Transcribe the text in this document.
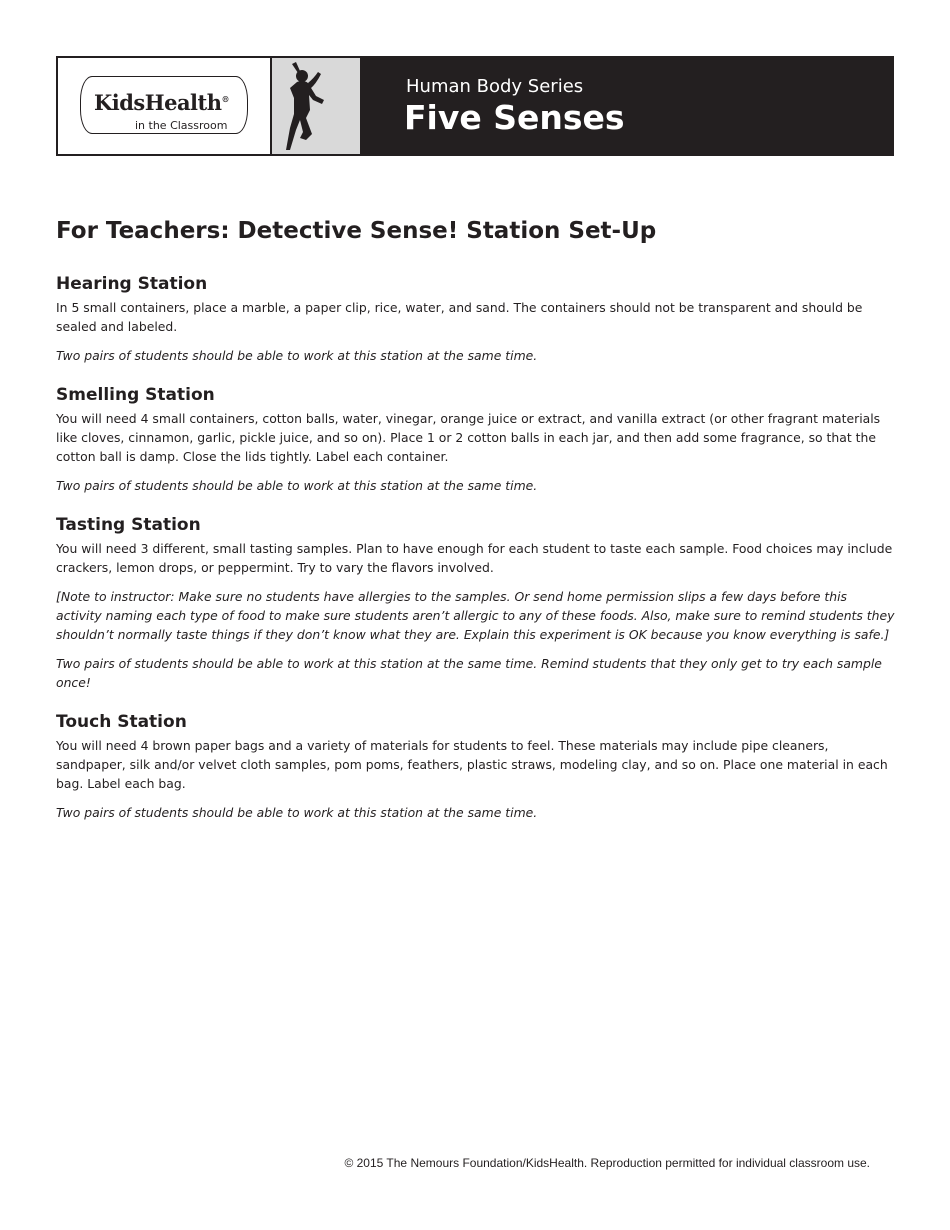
KidsHealth®
in the Classroom
Human Body Series
Five Senses
For Teachers: Detective Sense! Station Set-Up
Hearing Station

In 5 small containers, place a marble, a paper clip, rice, water, and sand. The containers should not be transparent and should be sealed and labeled.

Two pairs of students should be able to work at this station at the same time.

Smelling Station

You will need 4 small containers, cotton balls, water, vinegar, orange juice or extract, and vanilla extract (or other fragrant materials like cloves, cinnamon, garlic, pickle juice, and so on). Place 1 or 2 cotton balls in each jar, and then add some fragrance, so that the cotton ball is damp. Close the lids tightly. Label each container.

Two pairs of students should be able to work at this station at the same time.

Tasting Station

You will need 3 different, small tasting samples. Plan to have enough for each student to taste each sample. Food choices may include crackers, lemon drops, or peppermint. Try to vary the flavors involved.

[Note to instructor: Make sure no students have allergies to the samples. Or send home permission slips a few days before this activity naming each type of food to make sure students aren’t allergic to any of these foods. Also, make sure to remind students they shouldn’t normally taste things if they don’t know what they are. Explain this experiment is OK because you know everything is safe.]

Two pairs of students should be able to work at this station at the same time. Remind students that they only get to try each sample once!

Touch Station

You will need 4 brown paper bags and a variety of materials for students to feel. These materials may include pipe cleaners, sandpaper, silk and/or velvet cloth samples, pom poms, feathers, plastic straws, modeling clay, and so on. Place one material in each bag. Label each bag.

Two pairs of students should be able to work at this station at the same time.

© 2015 The Nemours Foundation/KidsHealth. Reproduction permitted for individual classroom use.
